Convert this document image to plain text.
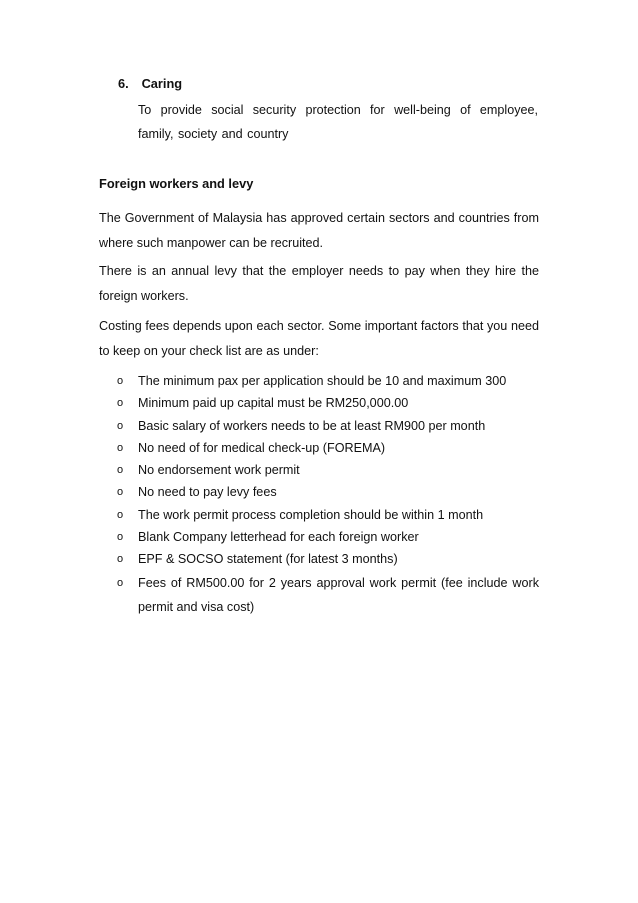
6. Caring
To provide social security protection for well-being of employee, family, society and country
Foreign workers and levy
The Government of Malaysia has approved certain sectors and countries from where such manpower can be recruited.
There is an annual levy that the employer needs to pay when they hire the foreign workers.
Costing fees depends upon each sector. Some important factors that you need to keep on your check list are as under:
o The minimum pax per application should be 10 and maximum 300
o Minimum paid up capital must be RM250,000.00
o Basic salary of workers needs to be at least RM900 per month
o No need of for medical check-up (FOREMA)
o No endorsement work permit
o No need to pay levy fees
o The work permit process completion should be within 1 month
o Blank Company letterhead for each foreign worker
o EPF & SOCSO statement (for latest 3 months)
o Fees of RM500.00 for 2 years approval work permit (fee include work permit and visa cost)
